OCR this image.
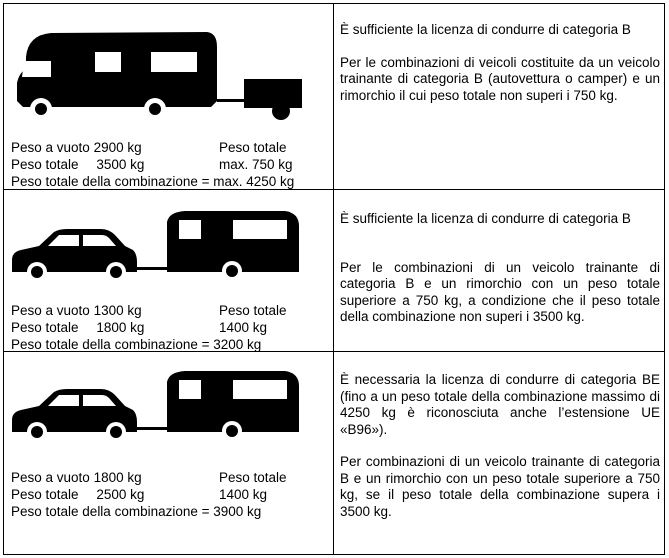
Peso a vuoto 2900 kg
Peso totale 3500 kg
Peso totale
max. 750 kg
Peso totale della combinazione = max. 4250 kg

È sufficiente la licenza di condurre di categoria B

Per le combinazioni di veicoli costituite da un veicolo trainante di categoria B (autovettura o camper) e un rimorchio il cui peso totale non superi i 750 kg.

Peso a vuoto 1300 kg
Peso totale 1800 kg
Peso totale
1400 kg
Peso totale della combinazione = 3200 kg

È sufficiente la licenza di condurre di categoria B

Per le combinazioni di un veicolo trainante di categoria B e un rimorchio con un peso totale superiore a 750 kg, a condizione che il peso totale della combinazione non superi i 3500 kg.

Peso a vuoto 1800 kg
Peso totale 2500 kg
Peso totale
1400 kg
Peso totale della combinazione = 3900 kg

È necessaria la licenza di condurre di categoria BE (fino a un peso totale della combinazione massimo di 4250 kg è riconosciuta anche l’estensione UE «B96»).

Per combinazioni di un veicolo trainante di categoria B e un rimorchio con un peso totale superiore a 750 kg, se il peso totale della combinazione supera i 3500 kg.
